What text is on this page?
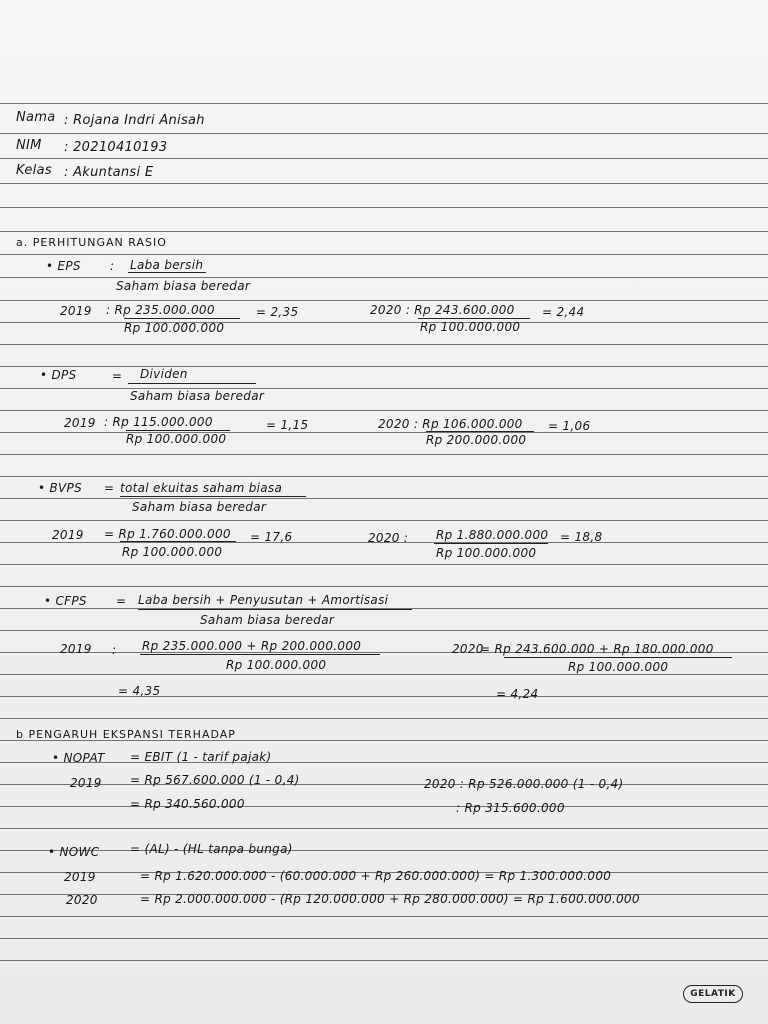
Nama : Rojana Indri Anisah
NIM : 20210410193
Kelas : Akuntansi E
a. PERHITUNGAN RASIO
• EPS : Laba bersih
Saham biasa beredar
2019 : Rp 235.000.000
Rp 100.000.000
= 2,35	2020 : Rp 243.600.000
Rp 100.000.000
= 2,44
• DPS	= Dividen
Saham biasa beredar
2019 : Rp 115.000.000
Rp 100.000.000
= 1,15	2020 : Rp 106.000.000
Rp 200.000.000
= 1,06
• BVPS = total ekuitas saham biasa
Saham biasa beredar
2019 = Rp 1.760.000.000
Rp 100.000.000
= 17,6	2020 : Rp 1.880.000.000
Rp 100.000.000
= 18,8
• CFPS = Laba bersih + Penyusutan + Amortisasi
Saham biasa beredar
2019 : Rp 235.000.000 + Rp 200.000.000
Rp 100.000.000
= 4,35
2020
= Rp 243.600.000 + Rp 180.000.000
Rp 100.000.000
= 4,24
b PENGARUH EKSPANSI TERHADAP
• NOPAT = EBIT (1 - tarif pajak)
2019 = Rp 567.600.000 (1 - 0,4)
= Rp 340.560.000
2020 : Rp 526.000.000 (1 - 0,4)
: Rp 315.600.000
• NOWC	= (AL) - (HL tanpa bunga)
2019	= Rp 1.620.000.000 - (60.000.000 + Rp 260.000.000) = Rp 1.300.000.000
2020	= Rp 2.000.000.000 - (Rp 120.000.000 + Rp 280.000.000) = Rp 1.600.000.000
GELATIK
